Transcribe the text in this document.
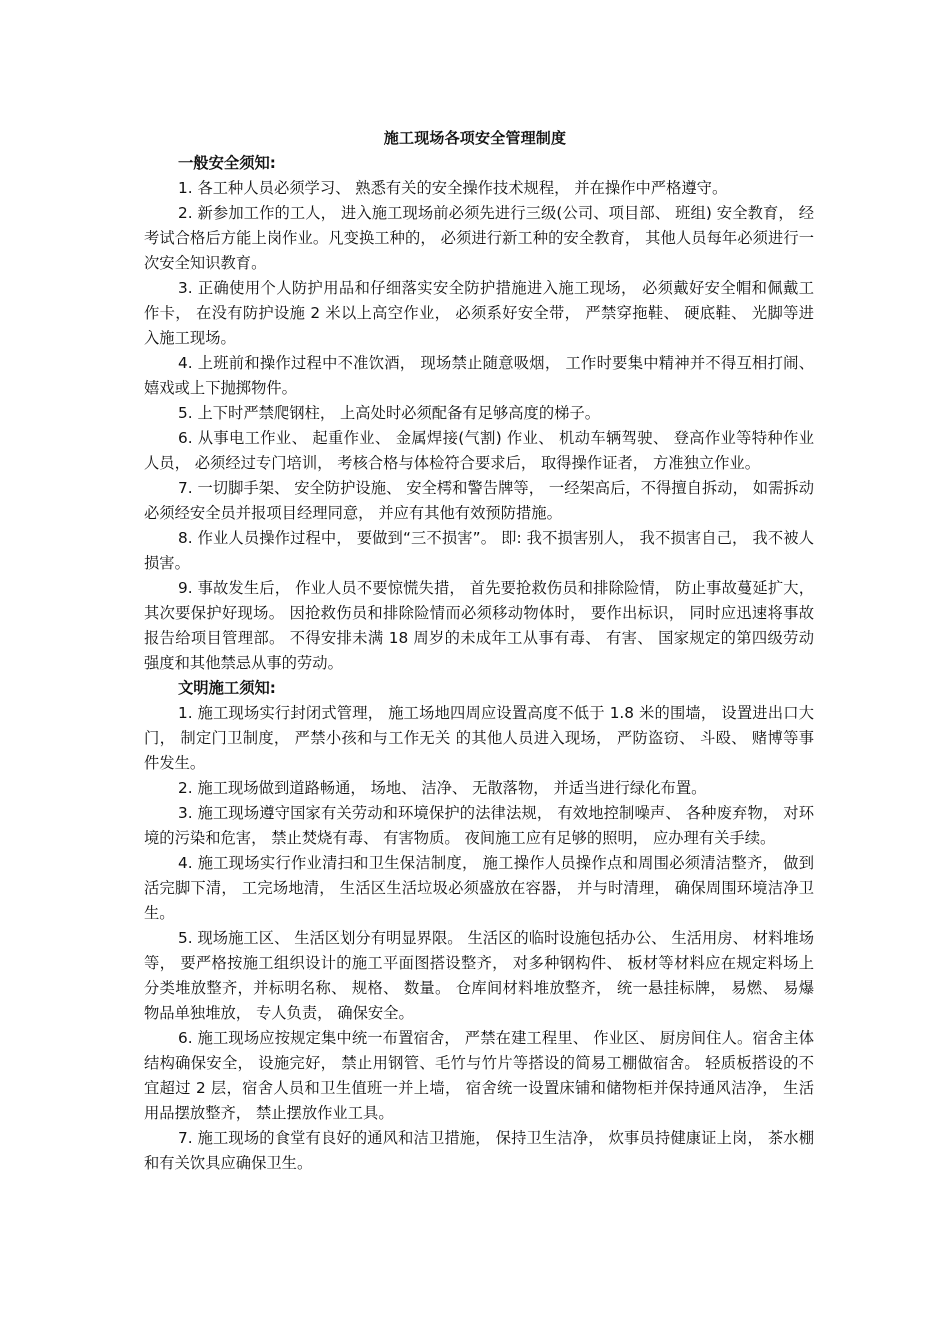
施工现场各项安全管理制度

一般安全须知:

1. 各工种人员必须学习、 熟悉有关的安全操作技术规程， 并在操作中严格遵守。

2. 新参加工作的工人， 进入施工现场前必须先进行三级(公司、项目部、 班组) 安全教育， 经考试合格后方能上岗作业。凡变换工种的， 必须进行新工种的安全教育， 其他人员每年必须进行一次安全知识教育。

3. 正确使用个人防护用品和仔细落实安全防护措施进入施工现场， 必须戴好安全帽和佩戴工作卡， 在没有防护设施 2 米以上高空作业， 必须系好安全带， 严禁穿拖鞋、 硬底鞋、 光脚等进入施工现场。

4. 上班前和操作过程中不准饮酒， 现场禁止随意吸烟， 工作时要集中精神并不得互相打闹、 嬉戏或上下抛掷物件。

5. 上下时严禁爬钢柱， 上高处时必须配备有足够高度的梯子。

6. 从事电工作业、 起重作业、 金属焊接(气割) 作业、 机动车辆驾驶、 登高作业等特种作业人员， 必须经过专门培训， 考核合格与体检符合要求后， 取得操作证者， 方准独立作业。

7. 一切脚手架、 安全防护设施、 安全樗和警告牌等， 一经架高后，不得擅自拆动， 如需拆动必须经安全员并报项目经理同意， 并应有其他有效预防措施。

8. 作业人员操作过程中， 要做到“三不损害”。 即: 我不损害别人， 我不损害自己， 我不被人损害。

9. 事故发生后， 作业人员不要惊慌失措， 首先要抢救伤员和排除险情， 防止事故蔓延扩大， 其次要保护好现场。 因抢救伤员和排除险情而必须移动物体时， 要作出标识， 同时应迅速将事故报告给项目管理部。 不得安排未满 18 周岁的未成年工从事有毒、 有害、 国家规定的第四级劳动强度和其他禁忌从事的劳动。

文明施工须知:

1. 施工现场实行封闭式管理， 施工场地四周应设置高度不低于 1.8 米的围墙， 设置进出口大门， 制定门卫制度， 严禁小孩和与工作无关 的其他人员进入现场， 严防盗窃、 斗殴、 赌博等事件发生。

2. 施工现场做到道路畅通， 场地、 洁净、 无散落物， 并适当进行绿化布置。

3. 施工现场遵守国家有关劳动和环境保护的法律法规， 有效地控制噪声、 各种废弃物， 对环境的污染和危害， 禁止焚烧有毒、 有害物质。 夜间施工应有足够的照明， 应办理有关手续。

4. 施工现场实行作业清扫和卫生保洁制度， 施工操作人员操作点和周围必须清洁整齐， 做到活完脚下清， 工完场地清， 生活区生活垃圾必须盛放在容器， 并与时清理， 确保周围环境洁净卫生。

5. 现场施工区、 生活区划分有明显界限。 生活区的临时设施包括办公、 生活用房、 材料堆场等， 要严格按施工组织设计的施工平面图搭设整齐， 对多种钢构件、 板材等材料应在规定料场上分类堆放整齐，并标明名称、 规格、 数量。 仓库间材料堆放整齐， 统一悬挂标牌， 易燃、 易爆物品单独堆放， 专人负责， 确保安全。

6. 施工现场应按规定集中统一布置宿舍， 严禁在建工程里、 作业区、 厨房间住人。宿舍主体结构确保安全， 设施完好， 禁止用钢管、毛竹与竹片等搭设的简易工棚做宿舍。 轻质板搭设的不宜超过 2 层，宿舍人员和卫生值班一并上墙， 宿舍统一设置床铺和储物柜并保持通风洁净， 生活用品摆放整齐， 禁止摆放作业工具。

7. 施工现场的食堂有良好的通风和洁卫措施， 保持卫生洁净， 炊事员持健康证上岗， 茶水棚和有关饮具应确保卫生。
